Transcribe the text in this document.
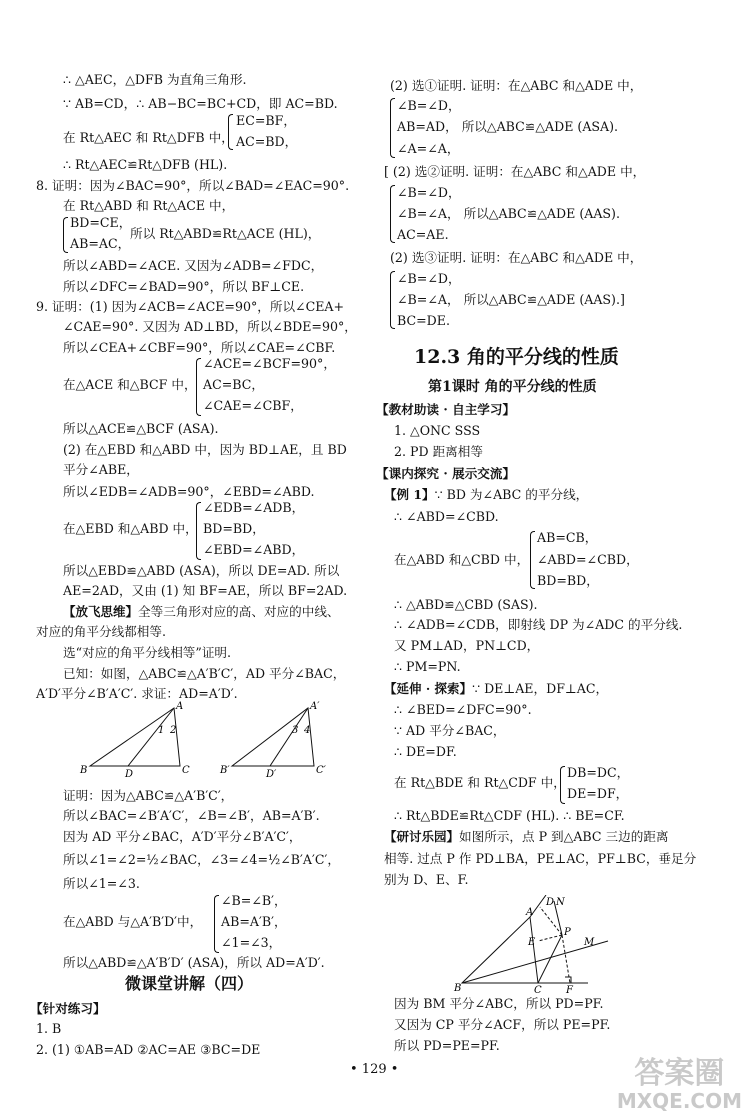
∴ △AEC，△DFB 为直角三角形.
∵ AB=CD，∴ AB−BC=BC+CD，即 AC=BD.
在 Rt△AEC 和 Rt△DFB 中，
EC=BF，
AC=BD，
∴ Rt△AEC≌Rt△DFB (HL).
8. 证明：因为∠BAC=90°，所以∠BAD=∠EAC=90°.
在 Rt△ABD 和 Rt△ACE 中，
BD=CE，
AB=AC，
所以 Rt△ABD≌Rt△ACE (HL)，
所以∠ABD=∠ACE. 又因为∠ADB=∠FDC，
所以∠DFC=∠BAD=90°，所以 BF⊥CE.
9. 证明：(1) 因为∠ACB=∠ACE=90°，所以∠CEA+
∠CAE=90°. 又因为 AD⊥BD，所以∠BDE=90°，
所以∠CEA+∠CBF=90°，所以∠CAE=∠CBF.
∠ACE=∠BCF=90°，
在△ACE 和△BCF 中， AC=BC，
∠CAE=∠CBF，
所以△ACE≌△BCF (ASA).
(2) 在△EBD 和△ABD 中，因为 BD⊥AE，且 BD
平分∠ABE，
所以∠EDB=∠ADB=90°，∠EBD=∠ABD.
∠EDB=∠ADB，
在△EBD 和△ABD 中， BD=BD，
∠EBD=∠ABD，
所以△EBD≌△ABD (ASA)，所以 DE=AD. 所以
AE=2AD，又由 (1) 知 BF=AE，所以 BF=2AD.
【放飞思维】全等三角形对应的高、对应的中线、
对应的角平分线都相等.
选“对应的角平分线相等”证明.
已知：如图，△ABC≌△A′B′C′，AD 平分∠BAC，
A′D′平分∠B′A′C′. 求证：AD=A′D′.
A
B	C
D
1 2
A′
B′	C′
D′
3 4
证明：因为△ABC≌△A′B′C′，
所以∠BAC=∠B′A′C′，∠B=∠B′，AB=A′B′.
因为 AD 平分∠BAC，A′D′平分∠B′A′C′，
所以∠1=∠2=½∠BAC，∠3=∠4=½∠B′A′C′，
所以∠1=∠3.
∠B=∠B′，
在△ABD 与△A′B′D′中， AB=A′B′，
∠1=∠3，
所以△ABD≌△A′B′D′ (ASA)，所以 AD=A′D′.
微课堂讲解（四）
【针对练习】
1. B
2. (1) ①AB=AD ②AC=AE ③BC=DE
(2) 选①证明. 证明：在△ABC 和△ADE 中，
∠B=∠D，
AB=AD， 所以△ABC≌△ADE (ASA).
∠A=∠A，
[ (2) 选②证明. 证明：在△ABC 和△ADE 中，
∠B=∠D，
∠B=∠A， 所以△ABC≌△ADE (AAS).
AC=AE.
(2) 选③证明. 证明：在△ABC 和△ADE 中，
∠B=∠D，
∠B=∠A， 所以△ABC≌△ADE (AAS).]
BC=DE.
12.3 角的平分线的性质
第1课时 角的平分线的性质
【教材助读 · 自主学习】
1. △ONC SSS
2. PD 距离相等
【课内探究 · 展示交流】
【例 1】∵ BD 为∠ABC 的平分线，
∴ ∠ABD=∠CBD.
AB=CB，
在△ABD 和△CBD 中， ∠ABD=∠CBD，
BD=BD，
∴ △ABD≌△CBD (SAS).
∴ ∠ADB=∠CDB，即射线 DP 为∠ADC 的平分线.
又 PM⊥AD，PN⊥CD，
∴ PM=PN.
【延伸 · 探索】∵ DE⊥AE，DF⊥AC，
∴ ∠BED=∠DFC=90°.
∵ AD 平分∠BAC，
∴ DE=DF.
DB=DC，
在 Rt△BDE 和 Rt△CDF 中，
DE=DF，
∴ Rt△BDE≌Rt△CDF (HL). ∴ BE=CF.
【研讨乐园】如图所示，点 P 到△ABC 三边的距离
相等. 过点 P 作 PD⊥BA，PE⊥AC，PF⊥BC，垂足分
别为 D、E、F.
A
B	C
D N
E
F
P
M
因为 BM 平分∠ABC，所以 PD=PF.
又因为 CP 平分∠ACF，所以 PE=PF.
所以 PD=PE=PF.
• 129 •	答案圈
MXQE.COM
